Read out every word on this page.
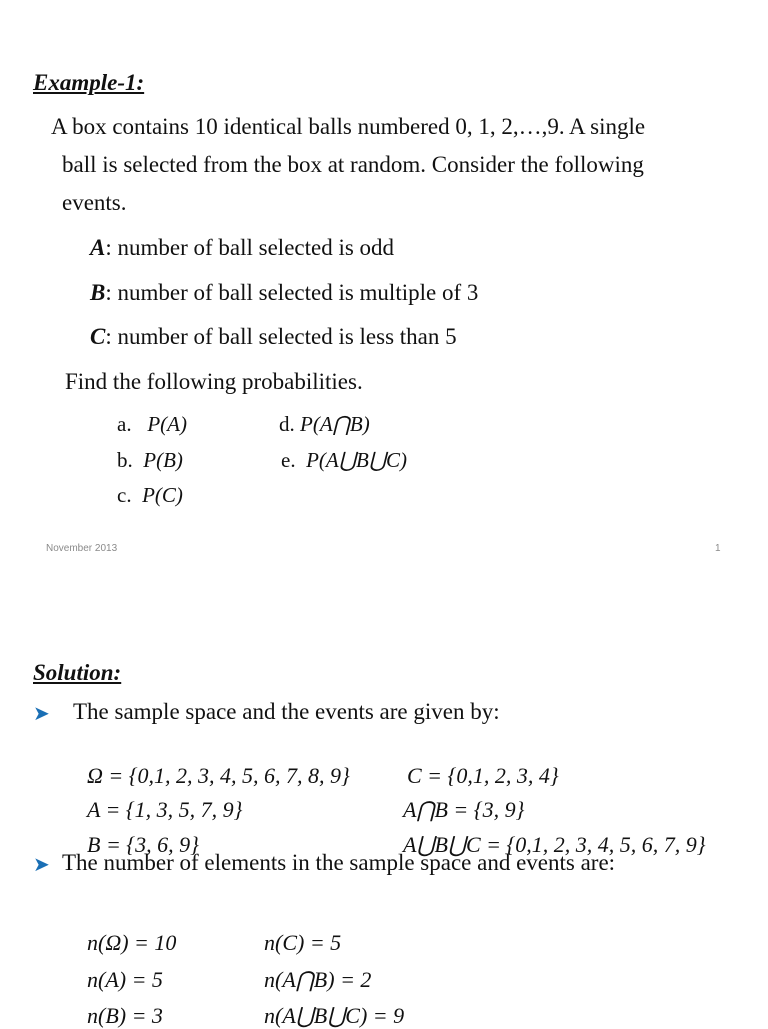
Example-1:
A box contains 10 identical balls numbered 0, 1, 2,…,9. A single
ball is selected from the box at random. Consider the following
events.
A: number of ball selected is odd
B: number of ball selected is multiple of 3
C: number of ball selected is less than 5
Find the following probabilities.
a. P(A)
b. P(B)
c. P(C)
d. P(A⋂B)
e. P(A⋃B⋃C)
November 2013	1
Solution:
➤ The sample space and the events are given by:
Ω = {0,1, 2, 3, 4, 5, 6, 7, 8, 9}
A = {1, 3, 5, 7, 9}
B = {3, 6, 9}
C = {0,1, 2, 3, 4}
A⋂B = {3, 9}
A⋃B⋃C = {0,1, 2, 3, 4, 5, 6, 7, 9}
➤ The number of elements in the sample space and events are:
n(Ω) = 10
n(A) = 5
n(B) = 3
n(C) = 5
n(A⋂B) = 2
n(A⋃B⋃C) = 9
